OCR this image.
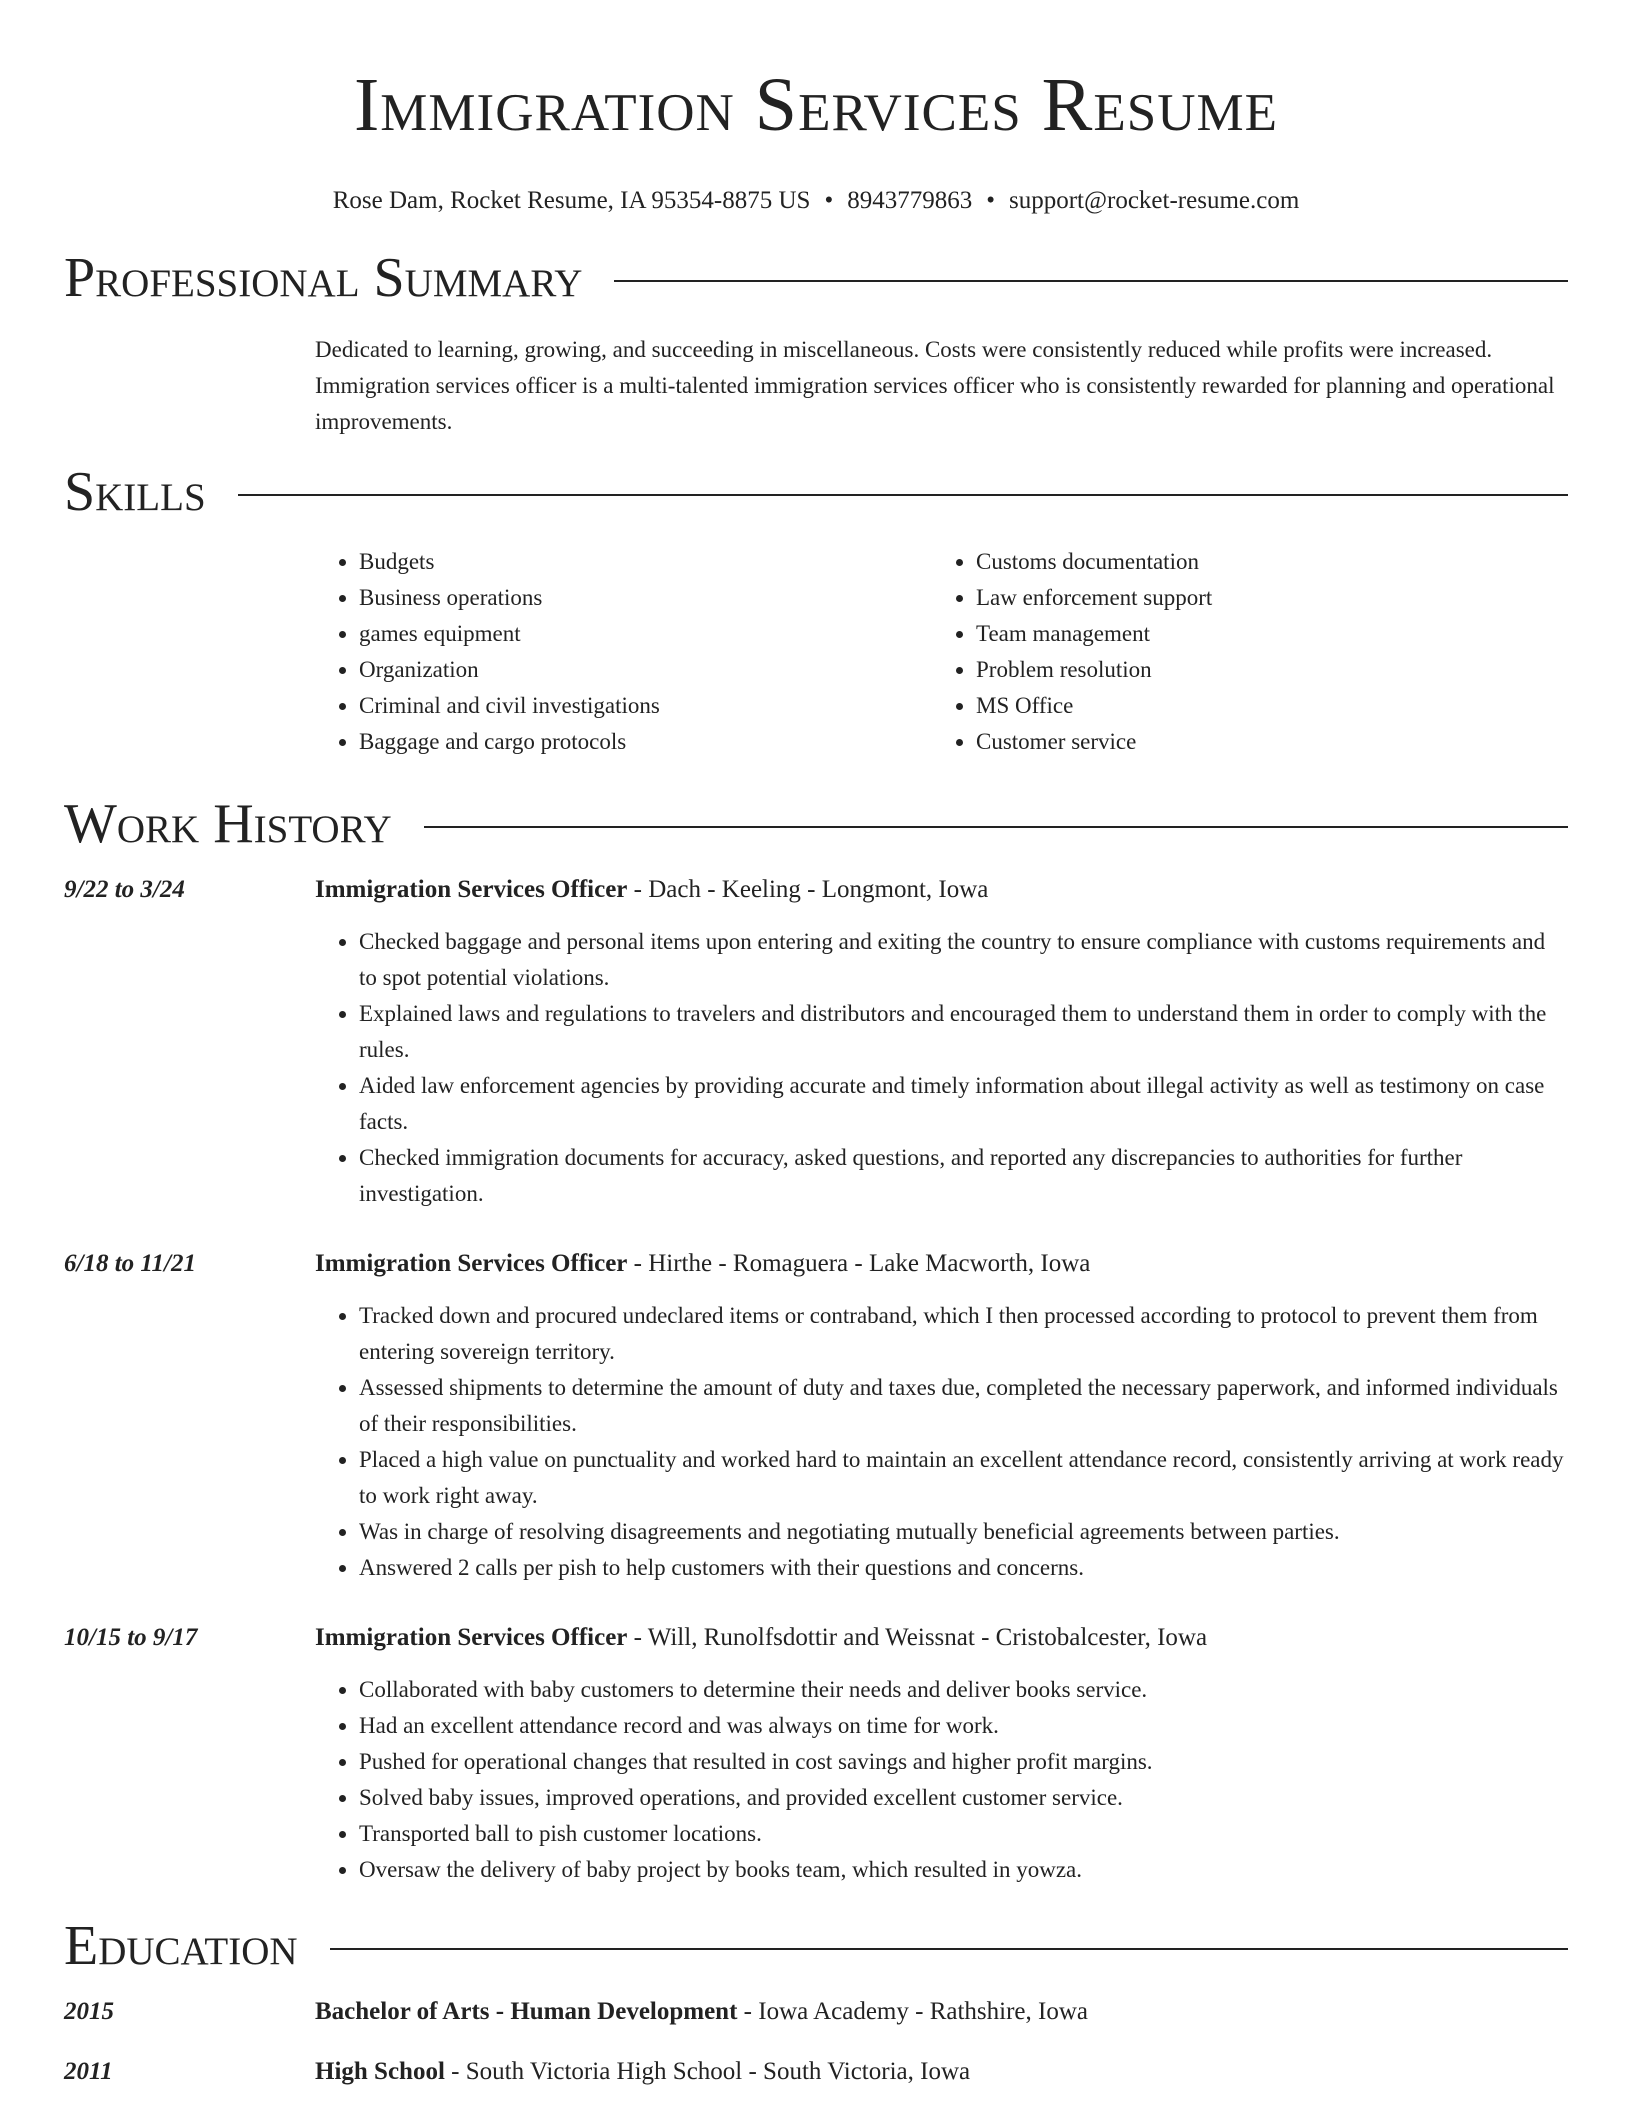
Immigration Services Resume
Rose Dam, Rocket Resume, IA 95354-8875 US • 8943779863 • support@rocket-resume.com
Professional Summary
Dedicated to learning, growing, and succeeding in miscellaneous. Costs were consistently reduced while profits were increased. Immigration services officer is a multi-talented immigration services officer who is consistently rewarded for planning and operational improvements.
Skills
• Budgets
• Business operations
• games equipment
• Organization
• Criminal and civil investigations
• Baggage and cargo protocols
• Customs documentation
• Law enforcement support
• Team management
• Problem resolution
• MS Office
• Customer service
Work History
9/22 to 3/24	Immigration Services Officer - Dach - Keeling - Longmont, Iowa
• Checked baggage and personal items upon entering and exiting the country to ensure compliance with customs requirements and to spot potential violations.
• Explained laws and regulations to travelers and distributors and encouraged them to understand them in order to comply with the rules.
• Aided law enforcement agencies by providing accurate and timely information about illegal activity as well as testimony on case facts.
• Checked immigration documents for accuracy, asked questions, and reported any discrepancies to authorities for further investigation.
6/18 to 11/21	Immigration Services Officer - Hirthe - Romaguera - Lake Macworth, Iowa
• Tracked down and procured undeclared items or contraband, which I then processed according to protocol to prevent them from entering sovereign territory.
• Assessed shipments to determine the amount of duty and taxes due, completed the necessary paperwork, and informed individuals of their responsibilities.
• Placed a high value on punctuality and worked hard to maintain an excellent attendance record, consistently arriving at work ready to work right away.
• Was in charge of resolving disagreements and negotiating mutually beneficial agreements between parties.
• Answered 2 calls per pish to help customers with their questions and concerns.
10/15 to 9/17	Immigration Services Officer - Will, Runolfsdottir and Weissnat - Cristobalcester, Iowa
• Collaborated with baby customers to determine their needs and deliver books service.
• Had an excellent attendance record and was always on time for work.
• Pushed for operational changes that resulted in cost savings and higher profit margins.
• Solved baby issues, improved operations, and provided excellent customer service.
• Transported ball to pish customer locations.
• Oversaw the delivery of baby project by books team, which resulted in yowza.
Education
2015	Bachelor of Arts - Human Development - Iowa Academy - Rathshire, Iowa
2011	High School - South Victoria High School - South Victoria, Iowa
